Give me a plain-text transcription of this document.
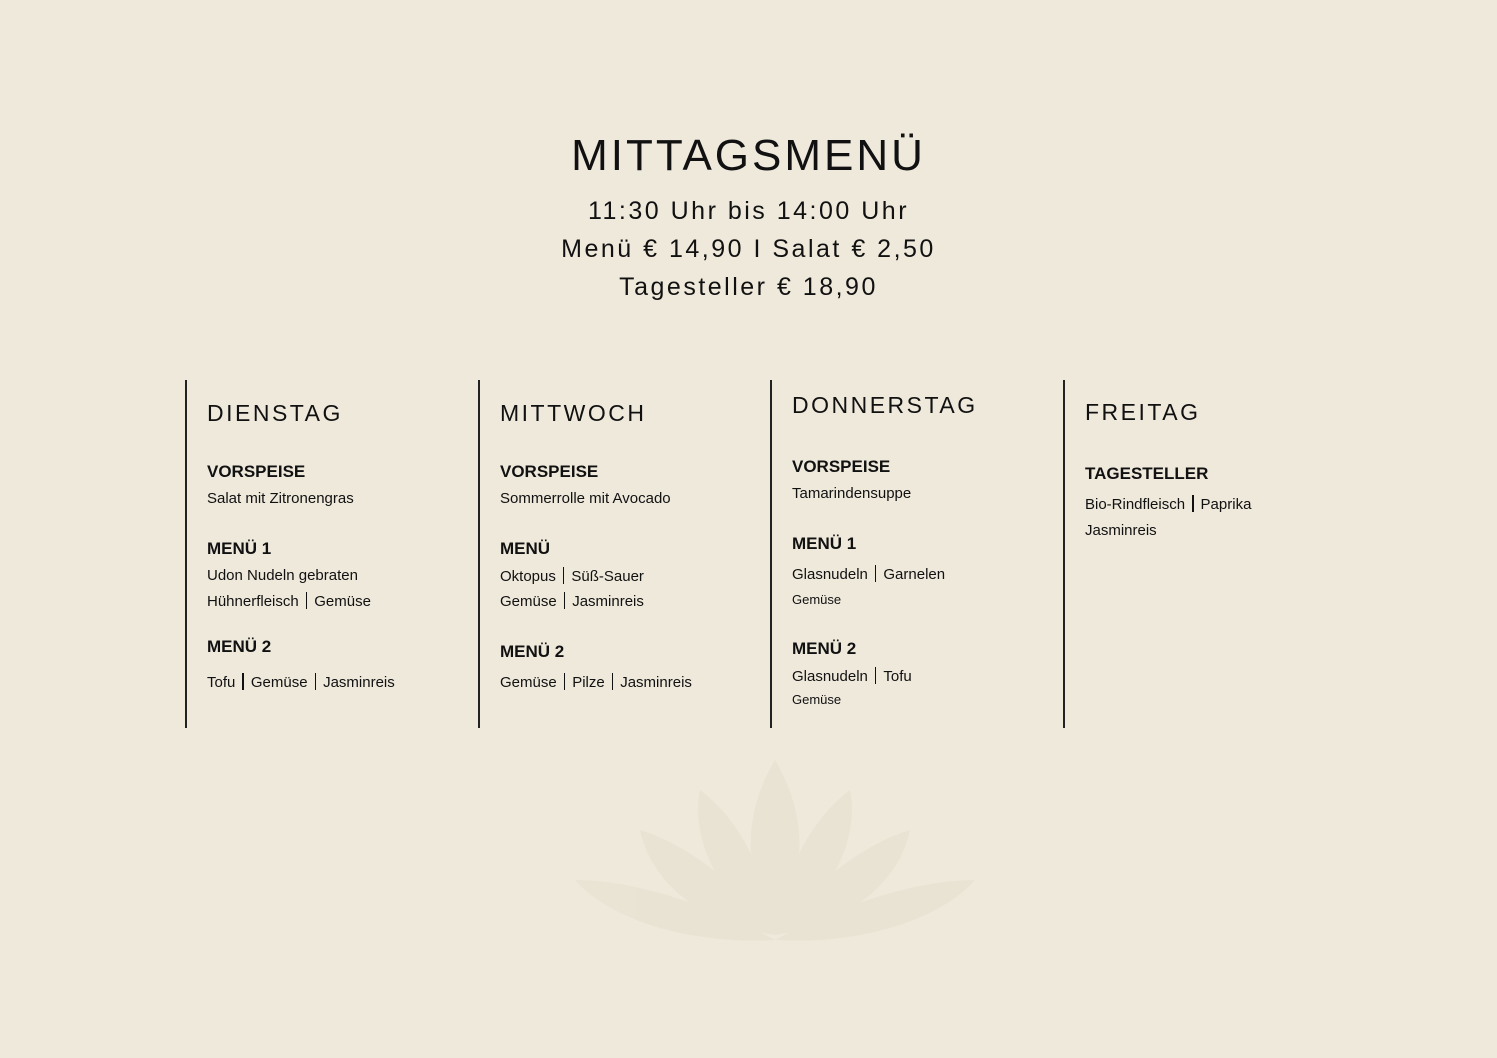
MITTAGSMENÜ
11:30 Uhr bis 14:00 Uhr
Menü € 14,90 I Salat € 2,50
Tagesteller € 18,90
DIENSTAG
VORSPEISE
Salat mit Zitronengras
MENÜ 1
Udon Nudeln gebraten
Hühnerfleisch Gemüse
MENÜ 2
Tofu Gemüse Jasminreis
MITTWOCH
VORSPEISE
Sommerrolle mit Avocado
MENÜ
Oktopus Süß-Sauer
Gemüse Jasminreis
MENÜ 2
Gemüse Pilze Jasminreis
DONNERSTAG
VORSPEISE
Tamarindensuppe
MENÜ 1
Glasnudeln Garnelen
Gemüse
MENÜ 2
Glasnudeln Tofu
Gemüse
FREITAG
TAGESTELLER
Bio-Rindfleisch Paprika
Jasminreis
